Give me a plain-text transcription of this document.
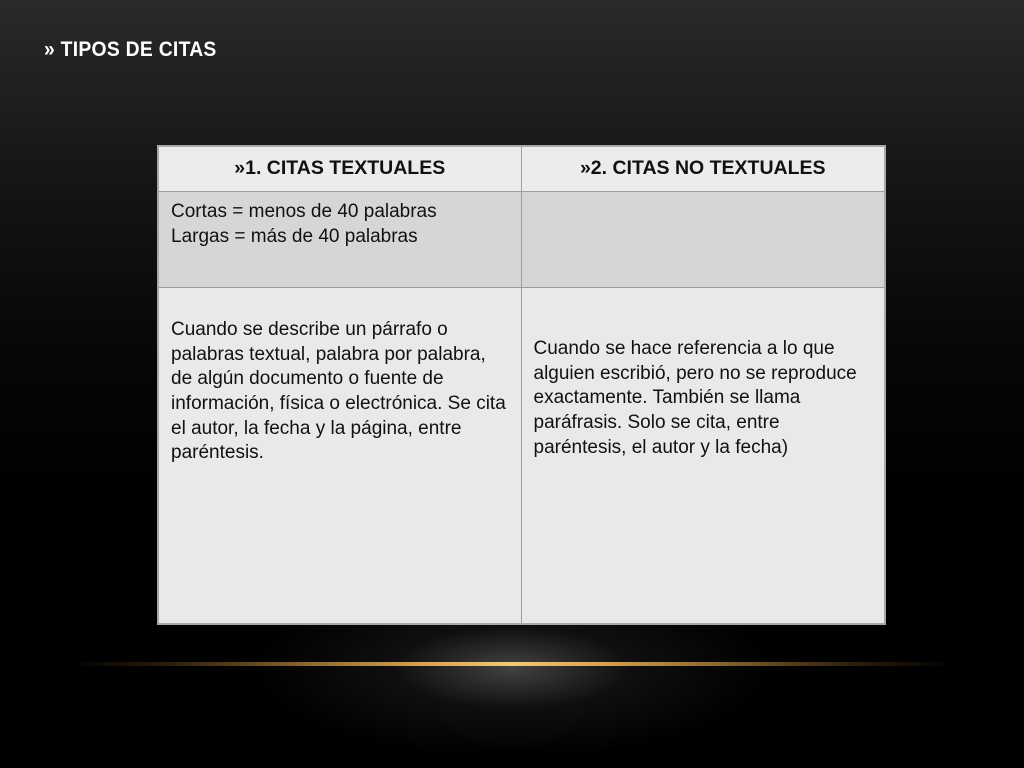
» TIPOS DE CITAS
»1. CITAS TEXTUALES	»2. CITAS NO TEXTUALES

Cortas = menos de 40 palabras
Largas = más de 40 palabras	

Cuando se describe un párrafo o palabras textual, palabra por palabra, de algún documento o fuente de información, física o electrónica. Se cita el autor, la fecha y la página, entre paréntesis.	Cuando se hace referencia a lo que alguien escribió, pero no se reproduce exactamente. También se llama paráfrasis. Solo se cita, entre paréntesis, el autor y la fecha)
